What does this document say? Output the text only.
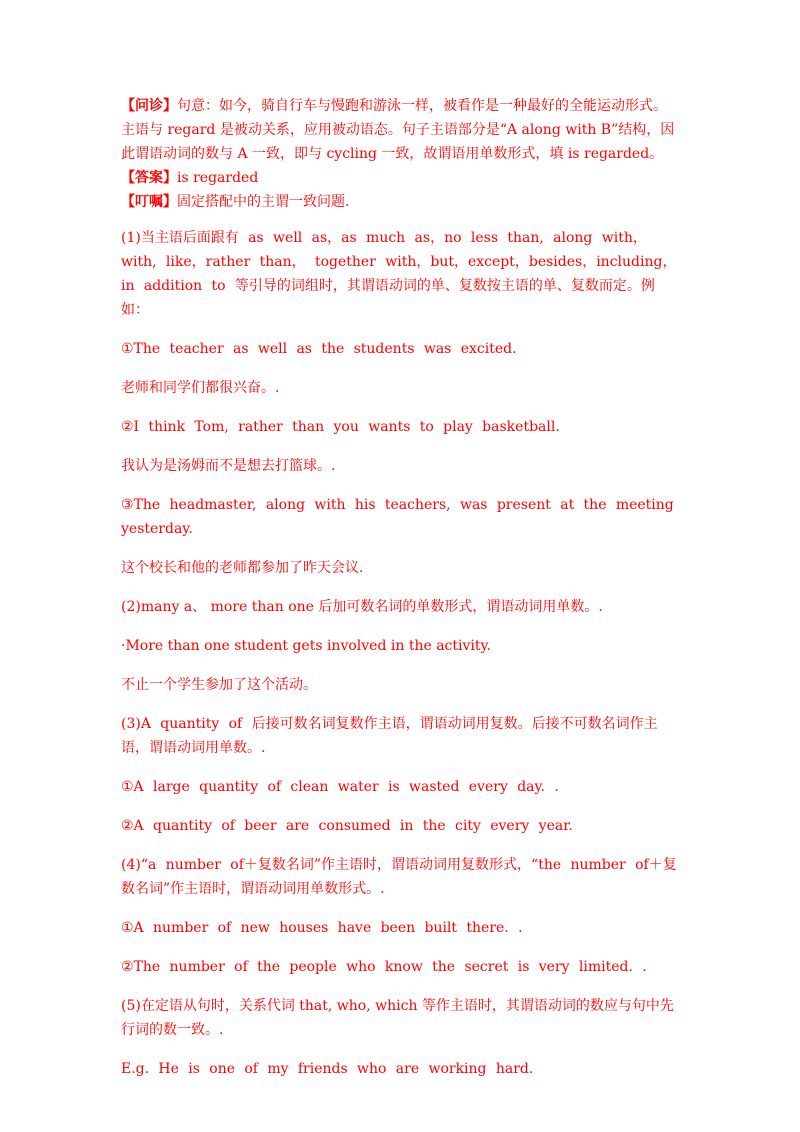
【问诊】句意：如今，骑自行车与慢跑和游泳一样，被看作是一种最好的全能运动形式。主语与 regard 是被动关系，应用被动语态。句子主语部分是“A along with B”结构，因此谓语动词的数与 A 一致，即与 cycling 一致，故谓语用单数形式，填 is regarded。

【答案】is regarded

【叮嘱】固定搭配中的主谓一致问题.

(1)当主语后面跟有 as well as，as much as，no less than, along with，with, like，rather than， together with，but，except，besides，including，in addition to 等引导的词组时，其谓语动词的单、复数按主语的单、复数而定。例如：

①The teacher as well as the students was excited.

老师和同学们都很兴奋。.

②I think Tom, rather than you wants to play basketball.

我认为是汤姆而不是想去打篮球。.

③The headmaster, along with his teachers, was present at the meeting yesterday.

这个校长和他的老师都参加了昨天会议.

(2)many a、 more than one 后加可数名词的单数形式，谓语动词用单数。.

·More than one student gets involved in the activity.

不止一个学生参加了这个活动。

(3)A quantity of 后接可数名词复数作主语，谓语动词用复数。后接不可数名词作主语，谓语动词用单数。.

①A large quantity of clean water is wasted every day. .

②A quantity of beer are consumed in the city every year.

(4)“a number of＋复数名词”作主语时，谓语动词用复数形式，“the number of＋复数名词”作主语时，谓语动词用单数形式。.

①A number of new houses have been built there. .

②The number of the people who know the secret is very limited. .

(5)在定语从句时，关系代词 that, who, which 等作主语时，其谓语动词的数应与句中先行词的数一致。.

E.g. He is one of my friends who are working hard.
